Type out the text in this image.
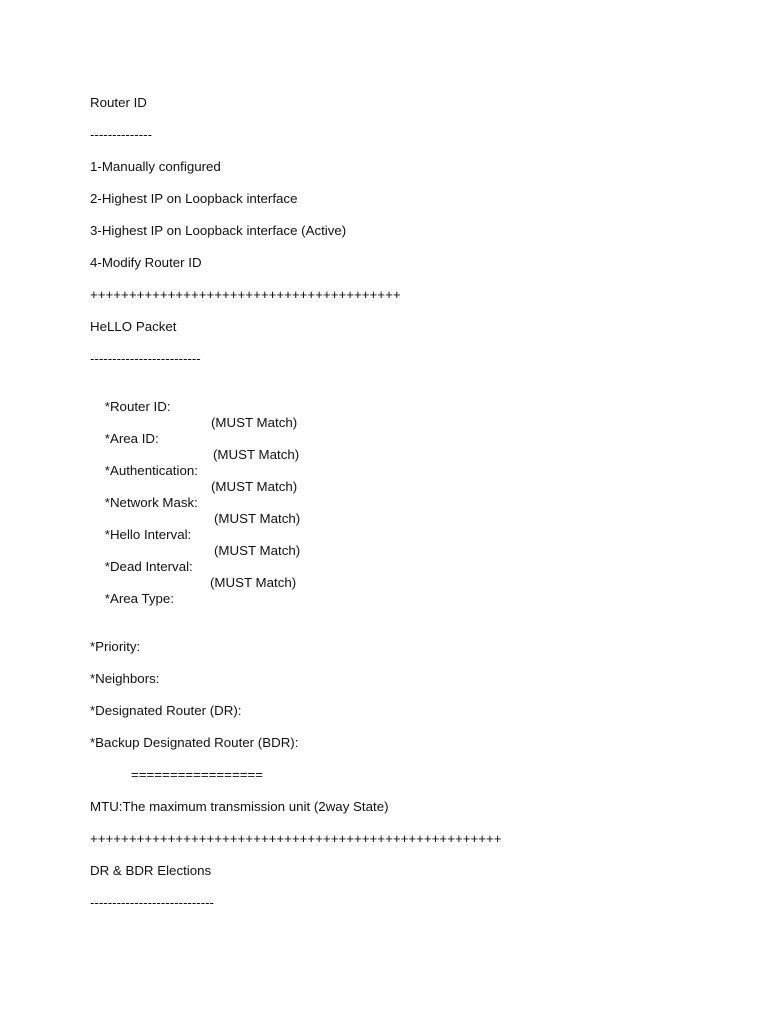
Router ID
--------------
1-Manually configured
2-Highest IP on Loopback interface
3-Highest IP on Loopback interface (Active)
4-Modify Router ID
++++++++++++++++++++++++++++++++++++++++
HeLLO Packet
-------------------------

*Router ID:

*Area ID:

(MUST Match)

*Authentication:

(MUST Match)

*Network Mask:

(MUST Match)

*Hello Interval:

(MUST Match)

*Dead Interval:

(MUST Match)

*Area Type:

(MUST Match)

*Priority:
*Neighbors:
*Designated Router (DR):
*Backup Designated Router (BDR):
=================
MTU:The maximum transmission unit (2way State)
+++++++++++++++++++++++++++++++++++++++++++++++++++++
DR & BDR Elections
----------------------------
